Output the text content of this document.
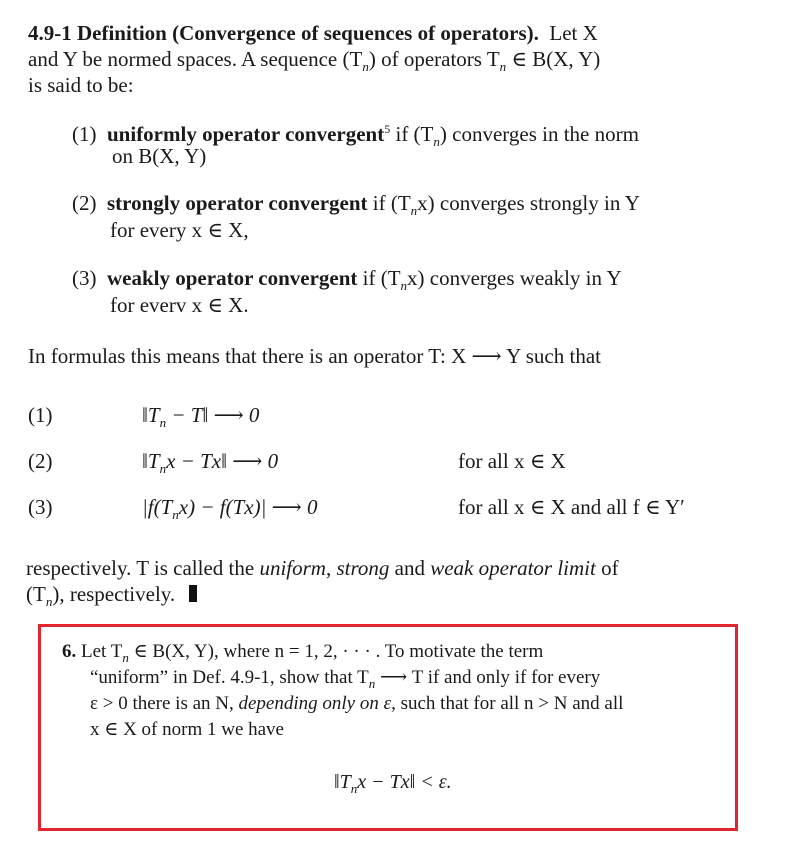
4.9-1 Definition (Convergence of sequences of operators). Let X
and Y be normed spaces. A sequence $(T_n)$ of operators $T_n$ ∈ B(X, Y)
is said to be:
(1) uniformly operator convergent$^5$ if $(T_n)$ converges in the norm
on B(X, Y)
(2) strongly operator convergent if $(T_nx)$ converges strongly in Y
for every x ∈ X,
(3) weakly operator convergent if $(T_nx)$ converges weakly in Y
for everv x ∈ X.
In formulas this means that there is an operator T: X ⟶ Y such that
(1)	$‖T_n$ − T‖ ⟶ 0
(2)	$‖T_nx$ − Tx‖ ⟶ 0	for all x ∈ X
(3)	$|f(T_nx) - f(Tx)|$ ⟶ 0	for all x ∈ X and all f ∈ Y′
respectively. T is called the uniform, strong and weak operator limit of
$(T_n)$, respectively.
6. Let $T_n$ ∈ B(X, Y), where n = 1, 2, · · · . To motivate the term
“uniform” in Def. 4.9-1, show that $T_n$ ⟶ T if and only if for every
ε > 0 there is an N, depending only on ε, such that for all n > N and all
x ∈ X of norm 1 we have
$‖T_nx$ − Tx‖ < ε.
